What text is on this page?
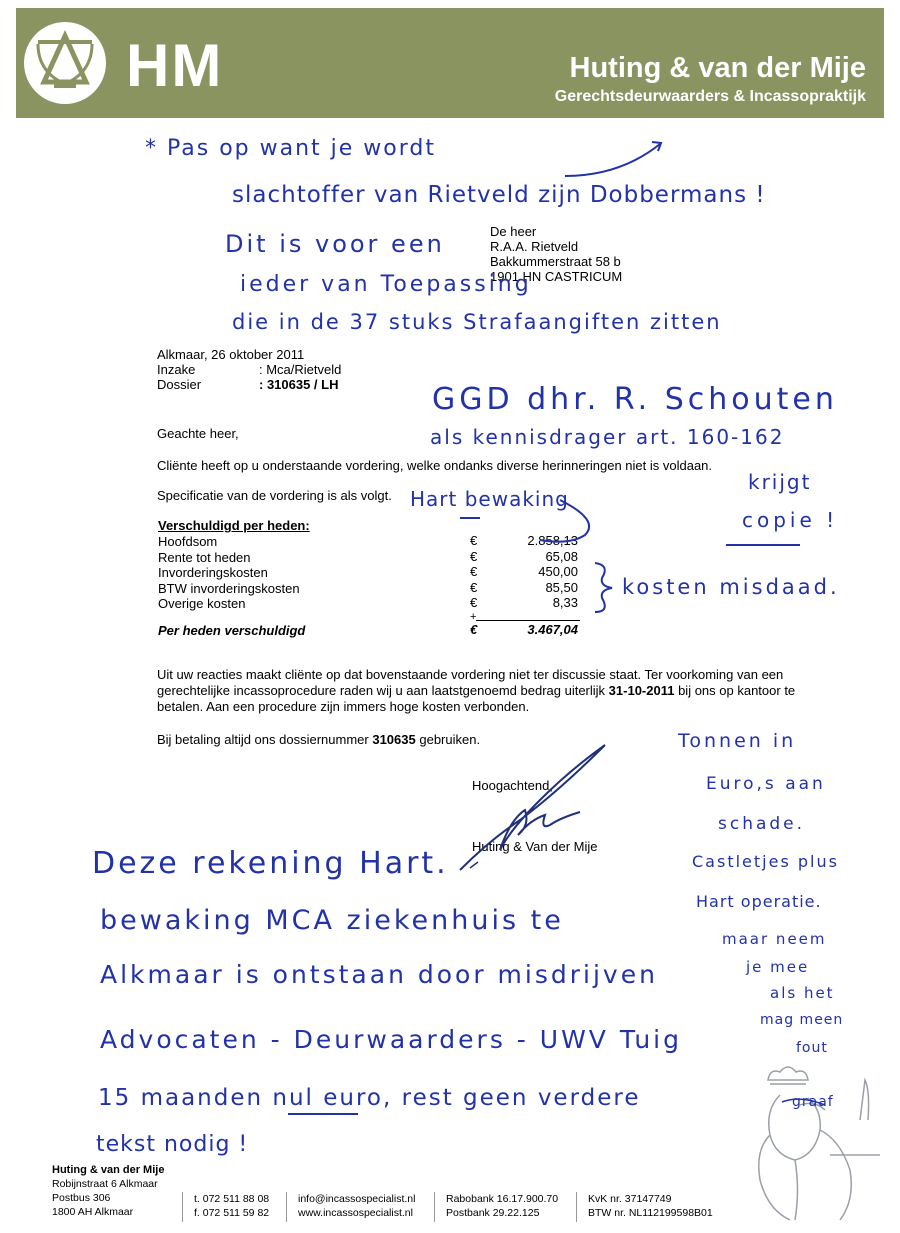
HM	Huting & van der Mije
Gerechtsdeurwaarders & Incassopraktijk
De heer
R.A.A. Rietveld
Bakkummerstraat 58 b
1901 HN CASTRICUM
Alkmaar, 26 oktober 2011
Inzake	: Mca/Rietveld
Dossier	: 310635 / LH
Geachte heer,
Cliënte heeft op u onderstaande vordering, welke ondanks diverse herinneringen niet is voldaan.
Specificatie van de vordering is als volgt.
Verschuldigd per heden:
Hoofdsom	€	2.858,13
Rente tot heden	€	65,08
Invorderingskosten	€	450,00
BTW invorderingskosten	€	85,50
Overige kosten	€	8,33
+
Per heden verschuldigd	€	3.467,04
Uit uw reacties maakt cliënte op dat bovenstaande vordering niet ter discussie staat. Ter voorkoming van een
gerechtelijke incassoprocedure raden wij u aan laatstgenoemd bedrag uiterlijk 31-10-2011 bij ons op kantoor te
betalen. Aan een procedure zijn immers hoge kosten verbonden.
Bij betaling altijd ons dossiernummer 310635 gebruiken.
Hoogachtend,
Huting & Van der Mije
* Pas op want je wordt
slachtoffer van Rietveld zijn Dobbermans !
Dit is voor een
ieder van Toepassing
die in de 37 stuks Strafaangiften zitten
GGD dhr. R. Schouten
als kennisdrager art. 160-162
krijgt
copie !
Hart bewaking
kosten misdaad.
Tonnen in
Euro,s aan
schade.
Castletjes plus
Hart operatie.
maar neem
je mee
als het
mag meen
fout
Deze rekening Hart.
bewaking MCA ziekenhuis te
Alkmaar is ontstaan door misdrijven
Advocaten - Deurwaarders - UWV Tuig
15 maanden nul euro, rest geen verdere
tekst nodig !
graaf
Huting & van der Mije
Robijnstraat 6 Alkmaar
Postbus 306
1800 AH Alkmaar
t. 072 511 88 08
f. 072 511 59 82
info@incassospecialist.nl
www.incassospecialist.nl
Rabobank 16.17.900.70
Postbank 29.22.125
KvK nr. 37147749
BTW nr. NL112199598B01
